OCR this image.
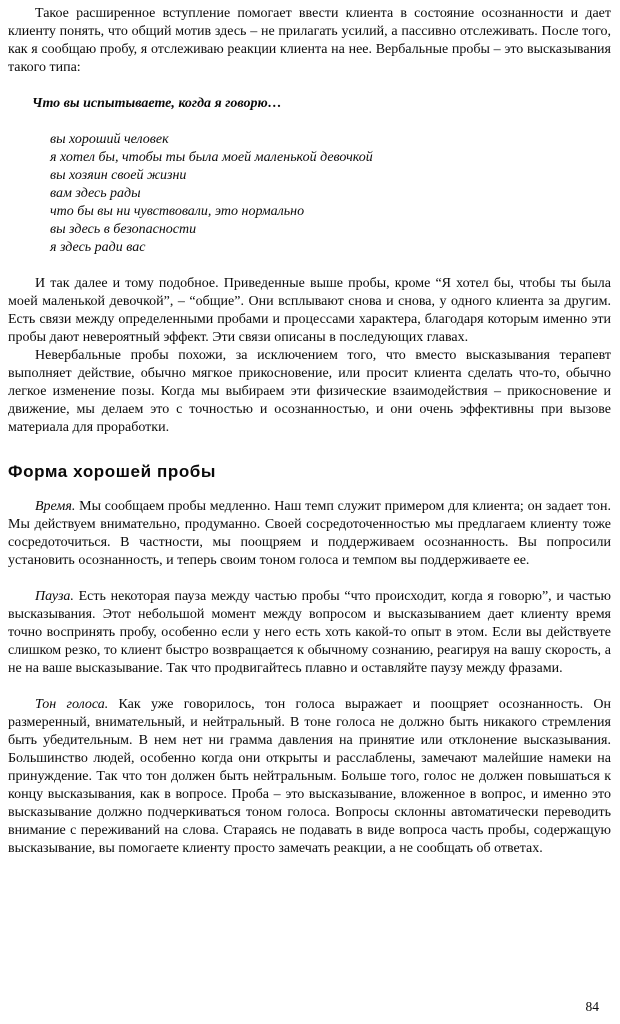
Такое расширенное вступление помогает ввести клиента в состояние осознанности и дает клиенту понять, что общий мотив здесь – не прилагать усилий, а пассивно отслеживать. После того, как я сообщаю пробу, я отслеживаю реакции клиента на нее. Вербальные пробы – это высказывания такого типа:

Что вы испытываете, когда я говорю…

вы хороший человек
я хотел бы, чтобы ты была моей маленькой девочкой
вы хозяин своей жизни
вам здесь рады
что бы вы ни чувствовали, это нормально
вы здесь в безопасности
я здесь ради вас

И так далее и тому подобное. Приведенные выше пробы, кроме “Я хотел бы, чтобы ты была моей маленькой девочкой”, – “общие”. Они всплывают снова и снова, у одного клиента за другим. Есть связи между определенными пробами и процессами характера, благодаря которым именно эти пробы дают невероятный эффект. Эти связи описаны в последующих главах.

Невербальные пробы похожи, за исключением того, что вместо высказывания терапевт выполняет действие, обычно мягкое прикосновение, или просит клиента сделать что-то, обычно легкое изменение позы. Когда мы выбираем эти физические взаимодействия – прикосновение и движение, мы делаем это с точностью и осознанностью, и они очень эффективны при вызове материала для проработки.

Форма хорошей пробы

Время. Мы сообщаем пробы медленно. Наш темп служит примером для клиента; он задает тон. Мы действуем внимательно, продуманно. Своей сосредоточенностью мы предлагаем клиенту тоже сосредоточиться. В частности, мы поощряем и поддерживаем осознанность. Вы попросили установить осознанность, и теперь своим тоном голоса и темпом вы поддерживаете ее.

Пауза. Есть некоторая пауза между частью пробы “что происходит, когда я говорю”, и частью высказывания. Этот небольшой момент между вопросом и высказыванием дает клиенту время точно воспринять пробу, особенно если у него есть хоть какой-то опыт в этом. Если вы действуете слишком резко, то клиент быстро возвращается к обычному сознанию, реагируя на вашу скорость, а не на ваше высказывание. Так что продвигайтесь плавно и оставляйте паузу между фразами.

Тон голоса. Как уже говорилось, тон голоса выражает и поощряет осознанность. Он размеренный, внимательный, и нейтральный. В тоне голоса не должно быть никакого стремления быть убедительным. В нем нет ни грамма давления на принятие или отклонение высказывания. Большинство людей, особенно когда они открыты и расслаблены, замечают малейшие намеки на принуждение. Так что тон должен быть нейтральным. Больше того, голос не должен повышаться к концу высказывания, как в вопросе. Проба – это высказывание, вложенное в вопрос, и именно это высказывание должно подчеркиваться тоном голоса. Вопросы склонны автоматически переводить внимание с переживаний на слова. Стараясь не подавать в виде вопроса часть пробы, содержащую высказывание, вы помогаете клиенту просто замечать реакции, а не сообщать об ответах.

84
